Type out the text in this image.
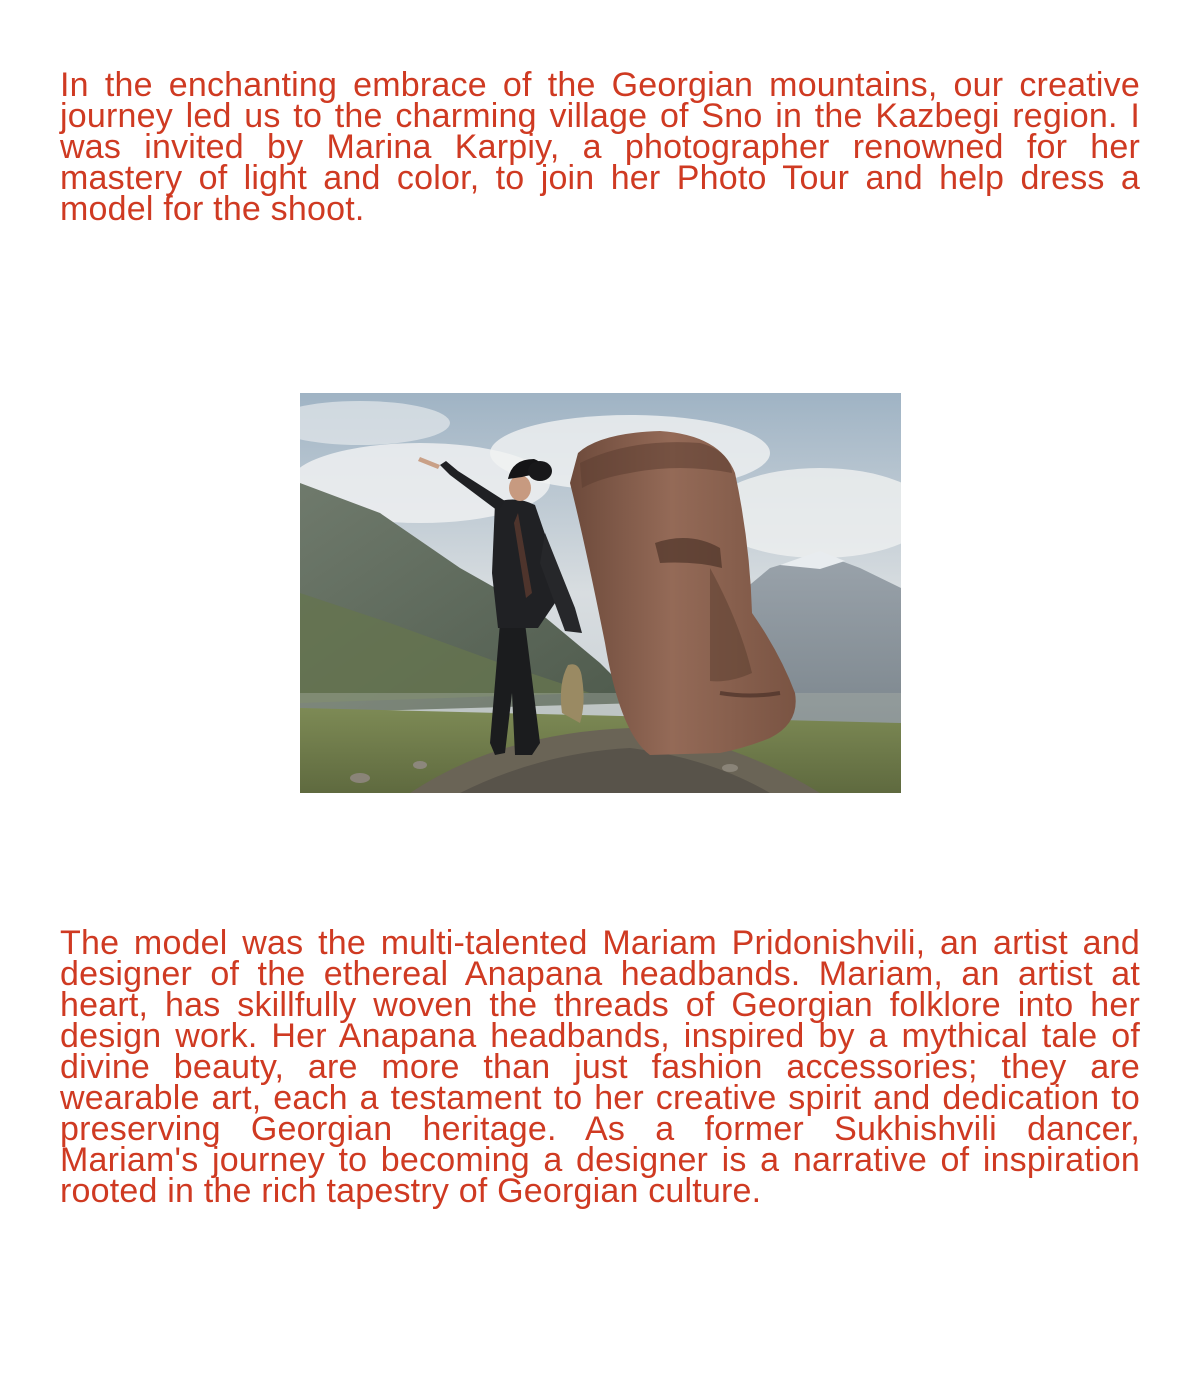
In the enchanting embrace of the Georgian mountains, our creative journey led us to the charming village of Sno in the Kazbegi region. I was invited by Marina Karpiy, a photographer renowned for her mastery of light and color, to join her Photo Tour and help dress a model for the shoot.

The model was the multi-talented Mariam Pridonishvili, an artist and designer of the ethereal Anapana headbands. Mariam, an artist at heart, has skillfully woven the threads of Georgian folklore into her design work. Her Anapana headbands, inspired by a mythical tale of divine beauty, are more than just fashion accessories; they are wearable art, each a testament to her creative spirit and dedication to preserving Georgian heritage. As a former Sukhishvili dancer, Mariam's journey to becoming a designer is a narrative of inspiration rooted in the rich tapestry of Georgian culture.
